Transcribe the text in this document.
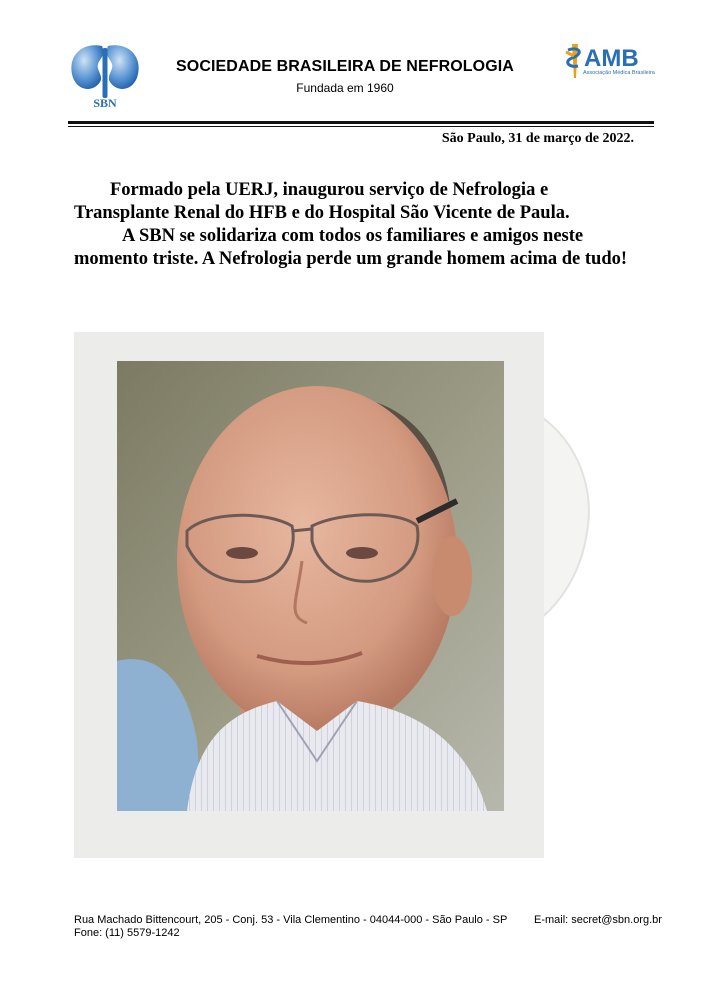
SBN
SOCIEDADE BRASILEIRA DE NEFROLOGIA
Fundada em 1960
AMB
Associação Médica Brasileira
São Paulo, 31 de março de 2022.

Formado pela UERJ, inaugurou serviço de Nefrologia e Transplante Renal do HFB e do Hospital São Vicente de Paula.

A SBN se solidariza com todos os familiares e amigos neste momento triste. A Nefrologia perde um grande homem acima de tudo!

Rua Machado Bittencourt, 205 - Conj. 53 - Vila Clementino - 04044-000 - São Paulo - SP E-mail: secret@sbn.org.br
Fone: (11) 5579-1242
